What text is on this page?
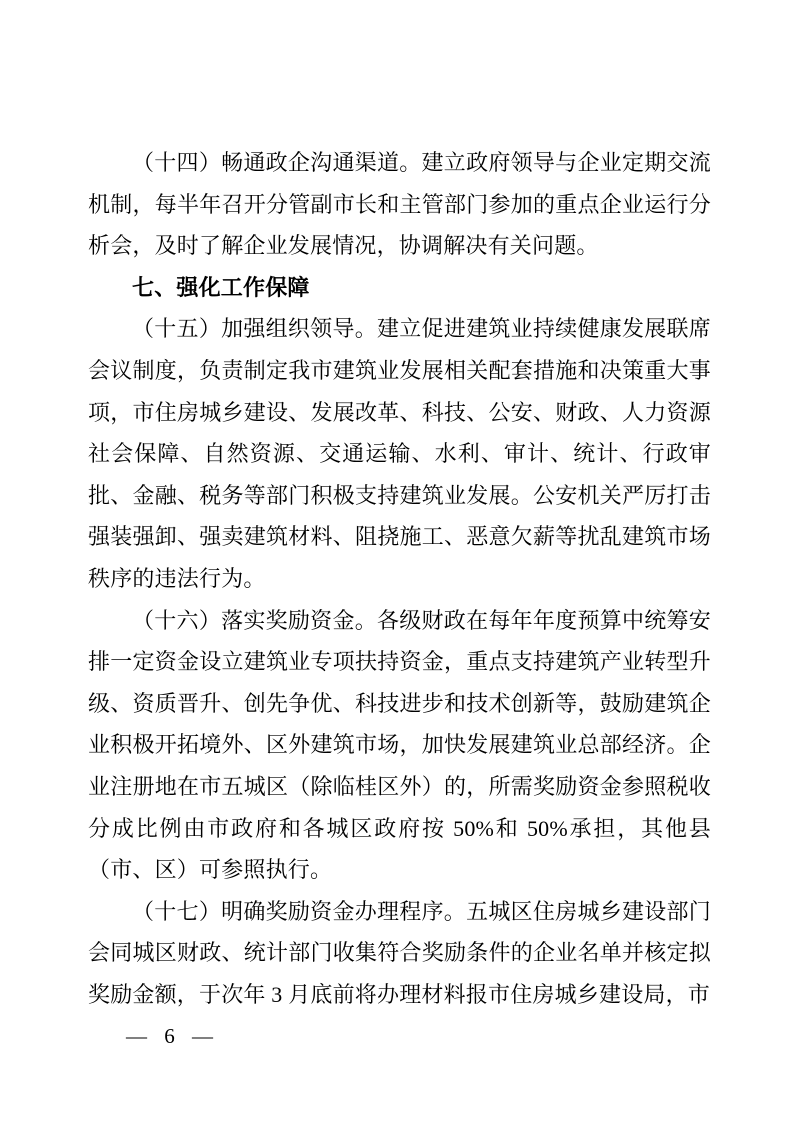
（十四）畅通政企沟通渠道。建立政府领导与企业定期交流机制，每半年召开分管副市长和主管部门参加的重点企业运行分析会，及时了解企业发展情况，协调解决有关问题。

七、强化工作保障

（十五）加强组织领导。建立促进建筑业持续健康发展联席会议制度，负责制定我市建筑业发展相关配套措施和决策重大事项，市住房城乡建设、发展改革、科技、公安、财政、人力资源社会保障、自然资源、交通运输、水利、审计、统计、行政审批、金融、税务等部门积极支持建筑业发展。公安机关严厉打击强装强卸、强卖建筑材料、阻挠施工、恶意欠薪等扰乱建筑市场秩序的违法行为。

（十六）落实奖励资金。各级财政在每年年度预算中统筹安排一定资金设立建筑业专项扶持资金，重点支持建筑产业转型升级、资质晋升、创先争优、科技进步和技术创新等，鼓励建筑企业积极开拓境外、区外建筑市场，加快发展建筑业总部经济。企业注册地在市五城区（除临桂区外）的，所需奖励资金参照税收分成比例由市政府和各城区政府按 50%和 50%承担，其他县（市、区）可参照执行。

（十七）明确奖励资金办理程序。五城区住房城乡建设部门会同城区财政、统计部门收集符合奖励条件的企业名单并核定拟奖励金额，于次年 3 月底前将办理材料报市住房城乡建设局，市

— 6 —
